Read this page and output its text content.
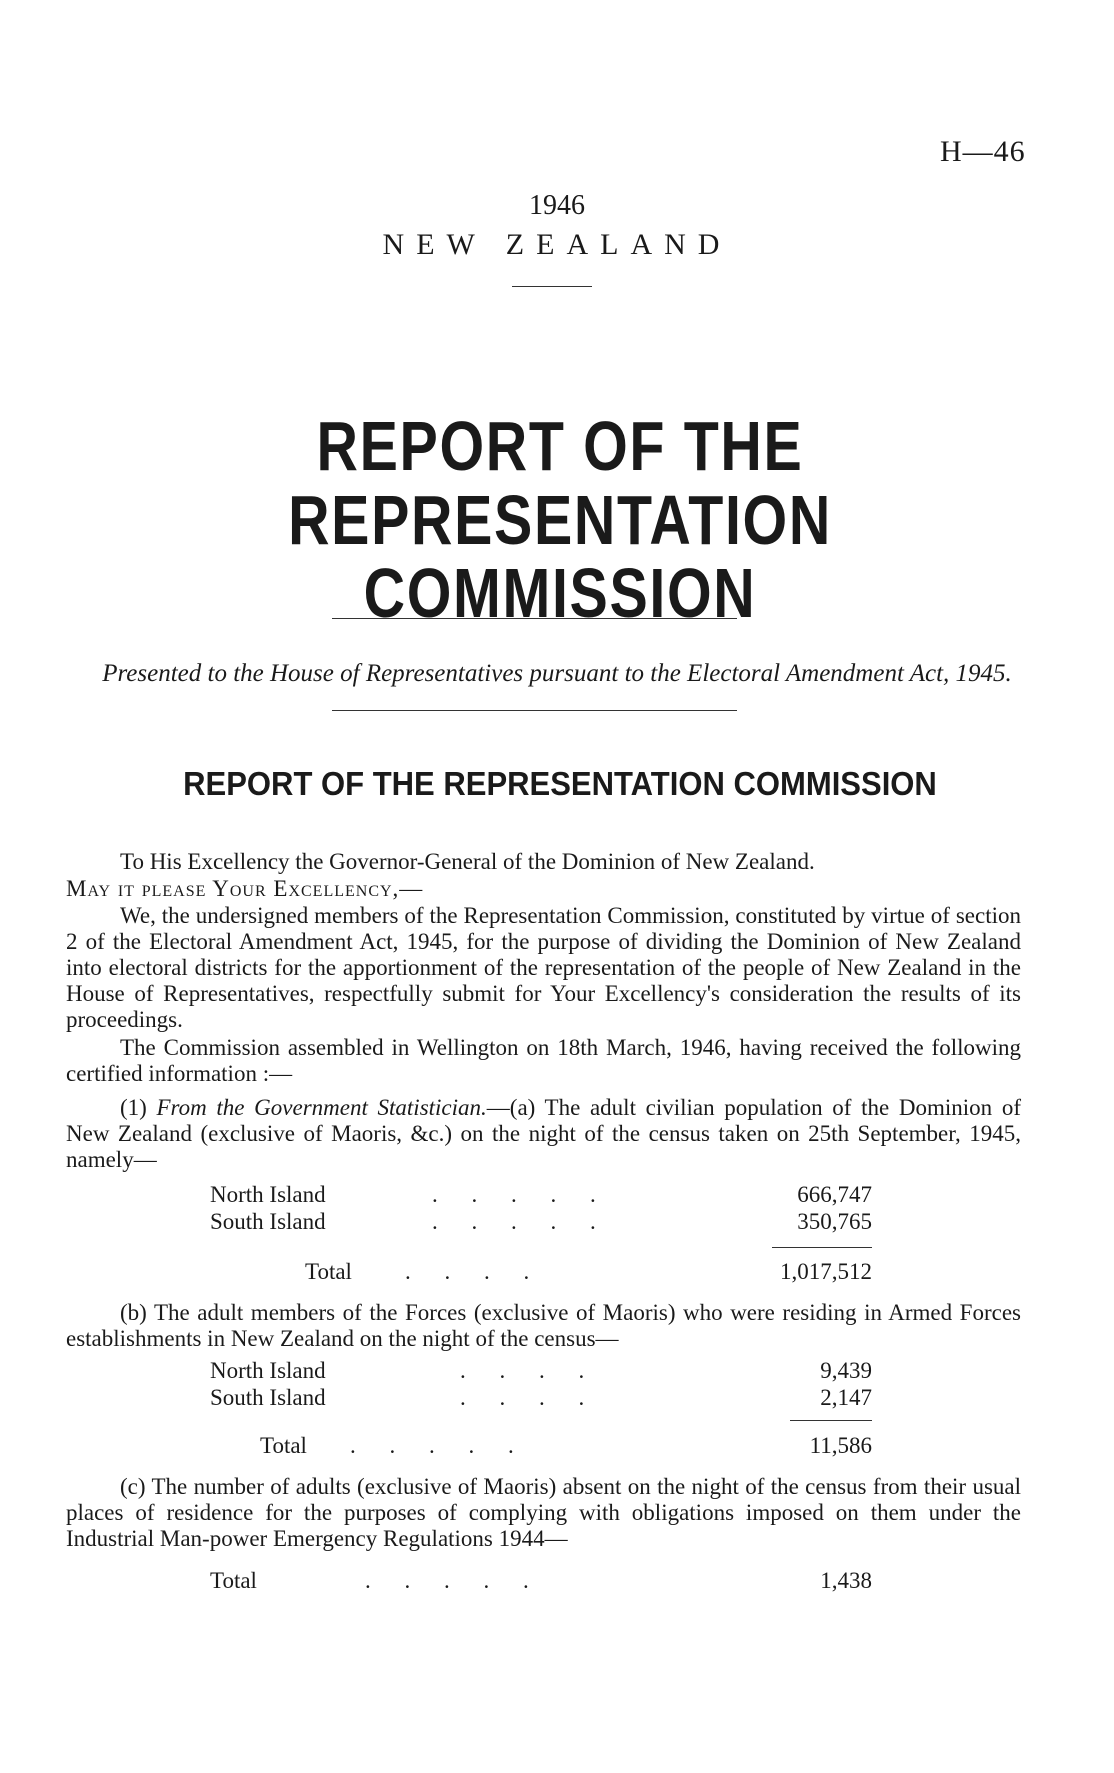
H—46
1946
NEW ZEALAND
REPORT OF THE REPRESENTATION
COMMISSION
Presented to the House of Representatives pursuant to the Electoral Amendment Act, 1945.
REPORT OF THE REPRESENTATION COMMISSION
To His Excellency the Governor-General of the Dominion of New Zealand.
May it please Your Excellency,—

We, the undersigned members of the Representation Commission, constituted by virtue of section 2 of the Electoral Amendment Act, 1945, for the purpose of dividing the Dominion of New Zealand into electoral districts for the apportionment of the representation of the people of New Zealand in the House of Representatives, respectfully submit for Your Excellency's consideration the results of its proceedings.

The Commission assembled in Wellington on 18th March, 1946, having received the following certified information :—

(1) From the Government Statistician.—(a) The adult civilian population of the Dominion of New Zealand (exclusive of Maoris, &c.) on the night of the census taken on 25th September, 1945, namely—

North Island	. . . . .	666,747
South Island	. . . . .	350,765
Total . . . .	1,017,512

(b) The adult members of the Forces (exclusive of Maoris) who were residing in Armed Forces establishments in New Zealand on the night of the census—

North Island	. . . .	9,439
South Island	. . . .	2,147
Total . . . . .	11,586

(c) The number of adults (exclusive of Maoris) absent on the night of the census from their usual places of residence for the purposes of complying with obligations imposed on them under the Industrial Man-power Emergency Regulations 1944—

Total	. . . . .	1,438
